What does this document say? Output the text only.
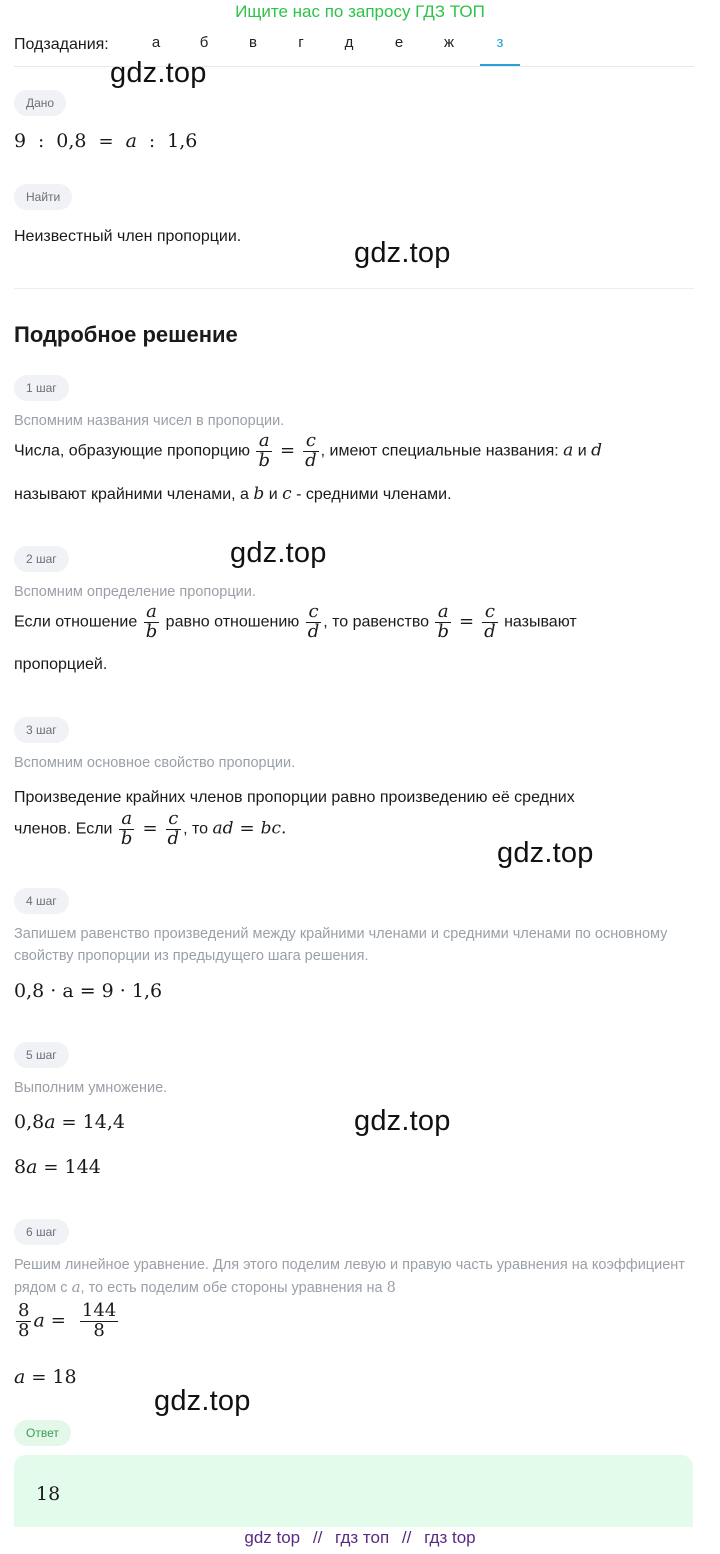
Ищите нас по запросу ГДЗ ТОП
Подзадания:	а	б	в	г	д	е	ж	з
gdz.top
gdz.top
gdz.top
gdz.top
gdz.top
gdz.top
Дано
9 : 0,8 = a : 1,6
Найти
Неизвестный член пропорции.
Подробное решение
1 шаг
Вспомним названия чисел в пропорции.
Числа, образующие пропорцию $\frac{a}{b} = \frac{c}{d}$ , имеют специальные названия: a и d
называют крайними членами, а b и c - средними членами.
2 шаг
Вспомним определение пропорции.
Если отношение $\frac{a}{b}$ равно отношению $\frac{c}{d}$ , то равенство $\frac{a}{b} = \frac{c}{d}$ называют
пропорцией.
3 шаг
Вспомним основное свойство пропорции.
Произведение крайних членов пропорции равно произведению её средних
членов. Если $\frac{a}{b} = \frac{c}{d}$ , то ad = bc.
4 шаг
Запишем равенство произведений между крайними членами и средними членами по основному свойству пропорции из предыдущего шага решения.
0,8 · a = 9 · 1,6
5 шаг
Выполним умножение.
0,8a = 14,4
8a = 144
6 шаг
Решим линейное уравнение. Для этого поделим левую и правую часть уравнения на коэффициент рядом с a, то есть поделим обе стороны уравнения на 8
$\frac{8}{8}$ $a = \frac{144}{8}$
a = 18
Ответ
18
gdz top // гдз топ // гдз top
